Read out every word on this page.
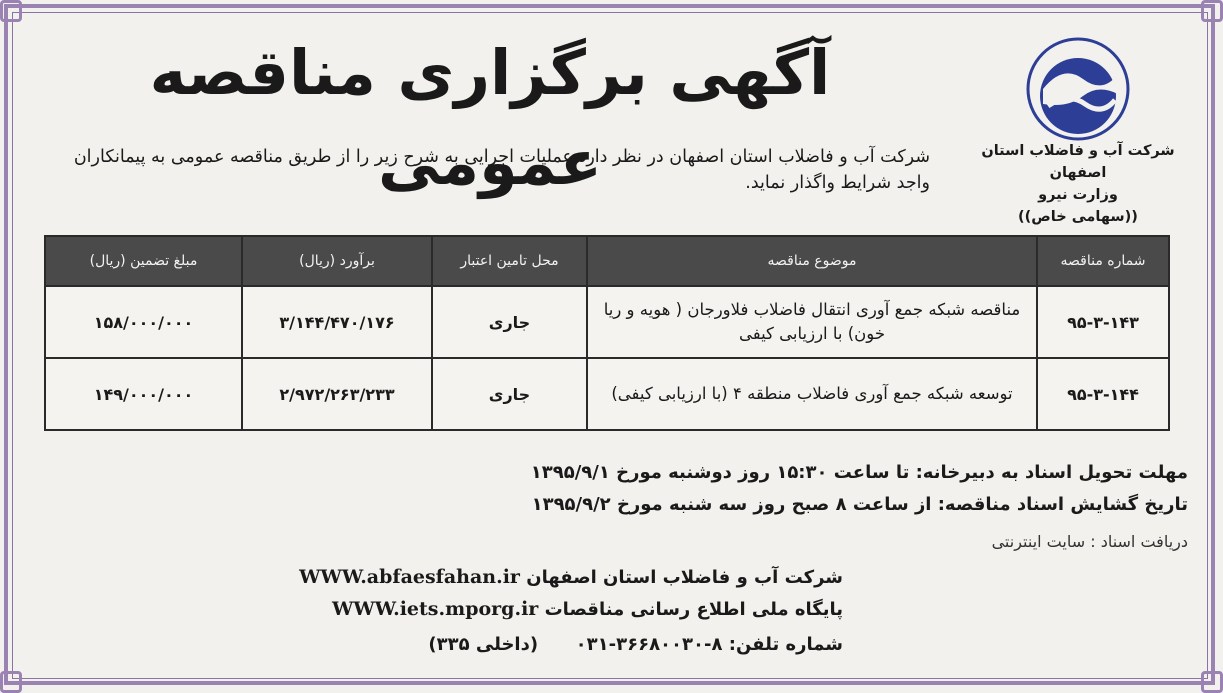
شرکت آب و فاضلاب استان اصفهان
وزارت نیرو
((سهامی خاص))
آگهی برگزاری مناقصه عمومی
شرکت آب و فاضلاب استان اصفهان در نظر دارد عملیات اجرایی به شرح زیر را از طریق مناقصه عمومی به پیمانکاران واجد شرایط واگذار نماید.
شماره مناقصه	موضوع مناقصه	محل تامین اعتبار	برآورد (ریال)	مبلغ تضمین (ریال)
۹۵-۳-۱۴۳	مناقصه شبکه جمع آوری انتقال فاضلاب فلاورجان ( هویه و ریا خون) با ارزیابی کیفی	جاری	۳/۱۴۴/۴۷۰/۱۷۶	۱۵۸/۰۰۰/۰۰۰
۹۵-۳-۱۴۴	توسعه شبکه جمع آوری فاضلاب منطقه ۴ (با ارزیابی کیفی)	جاری	۲/۹۷۲/۲۶۳/۲۳۳	۱۴۹/۰۰۰/۰۰۰
مهلت تحویل اسناد به دبیرخانه: تا ساعت ۱۵:۳۰ روز دوشنبه مورخ ۱۳۹۵/۹/۱
تاریخ گشایش اسناد مناقصه: از ساعت ۸ صبح روز سه شنبه مورخ ۱۳۹۵/۹/۲
دریافت اسناد : سایت اینترنتی
شرکت آب و فاضلاب استان اصفهان WWW.abfaesfahan.ir
پایگاه ملی اطلاع رسانی مناقصات WWW.iets.mporg.ir
شماره تلفن: ۸-۳۶۶۸۰۰۳۰-۰۳۱      (داخلی ۳۳۵)
